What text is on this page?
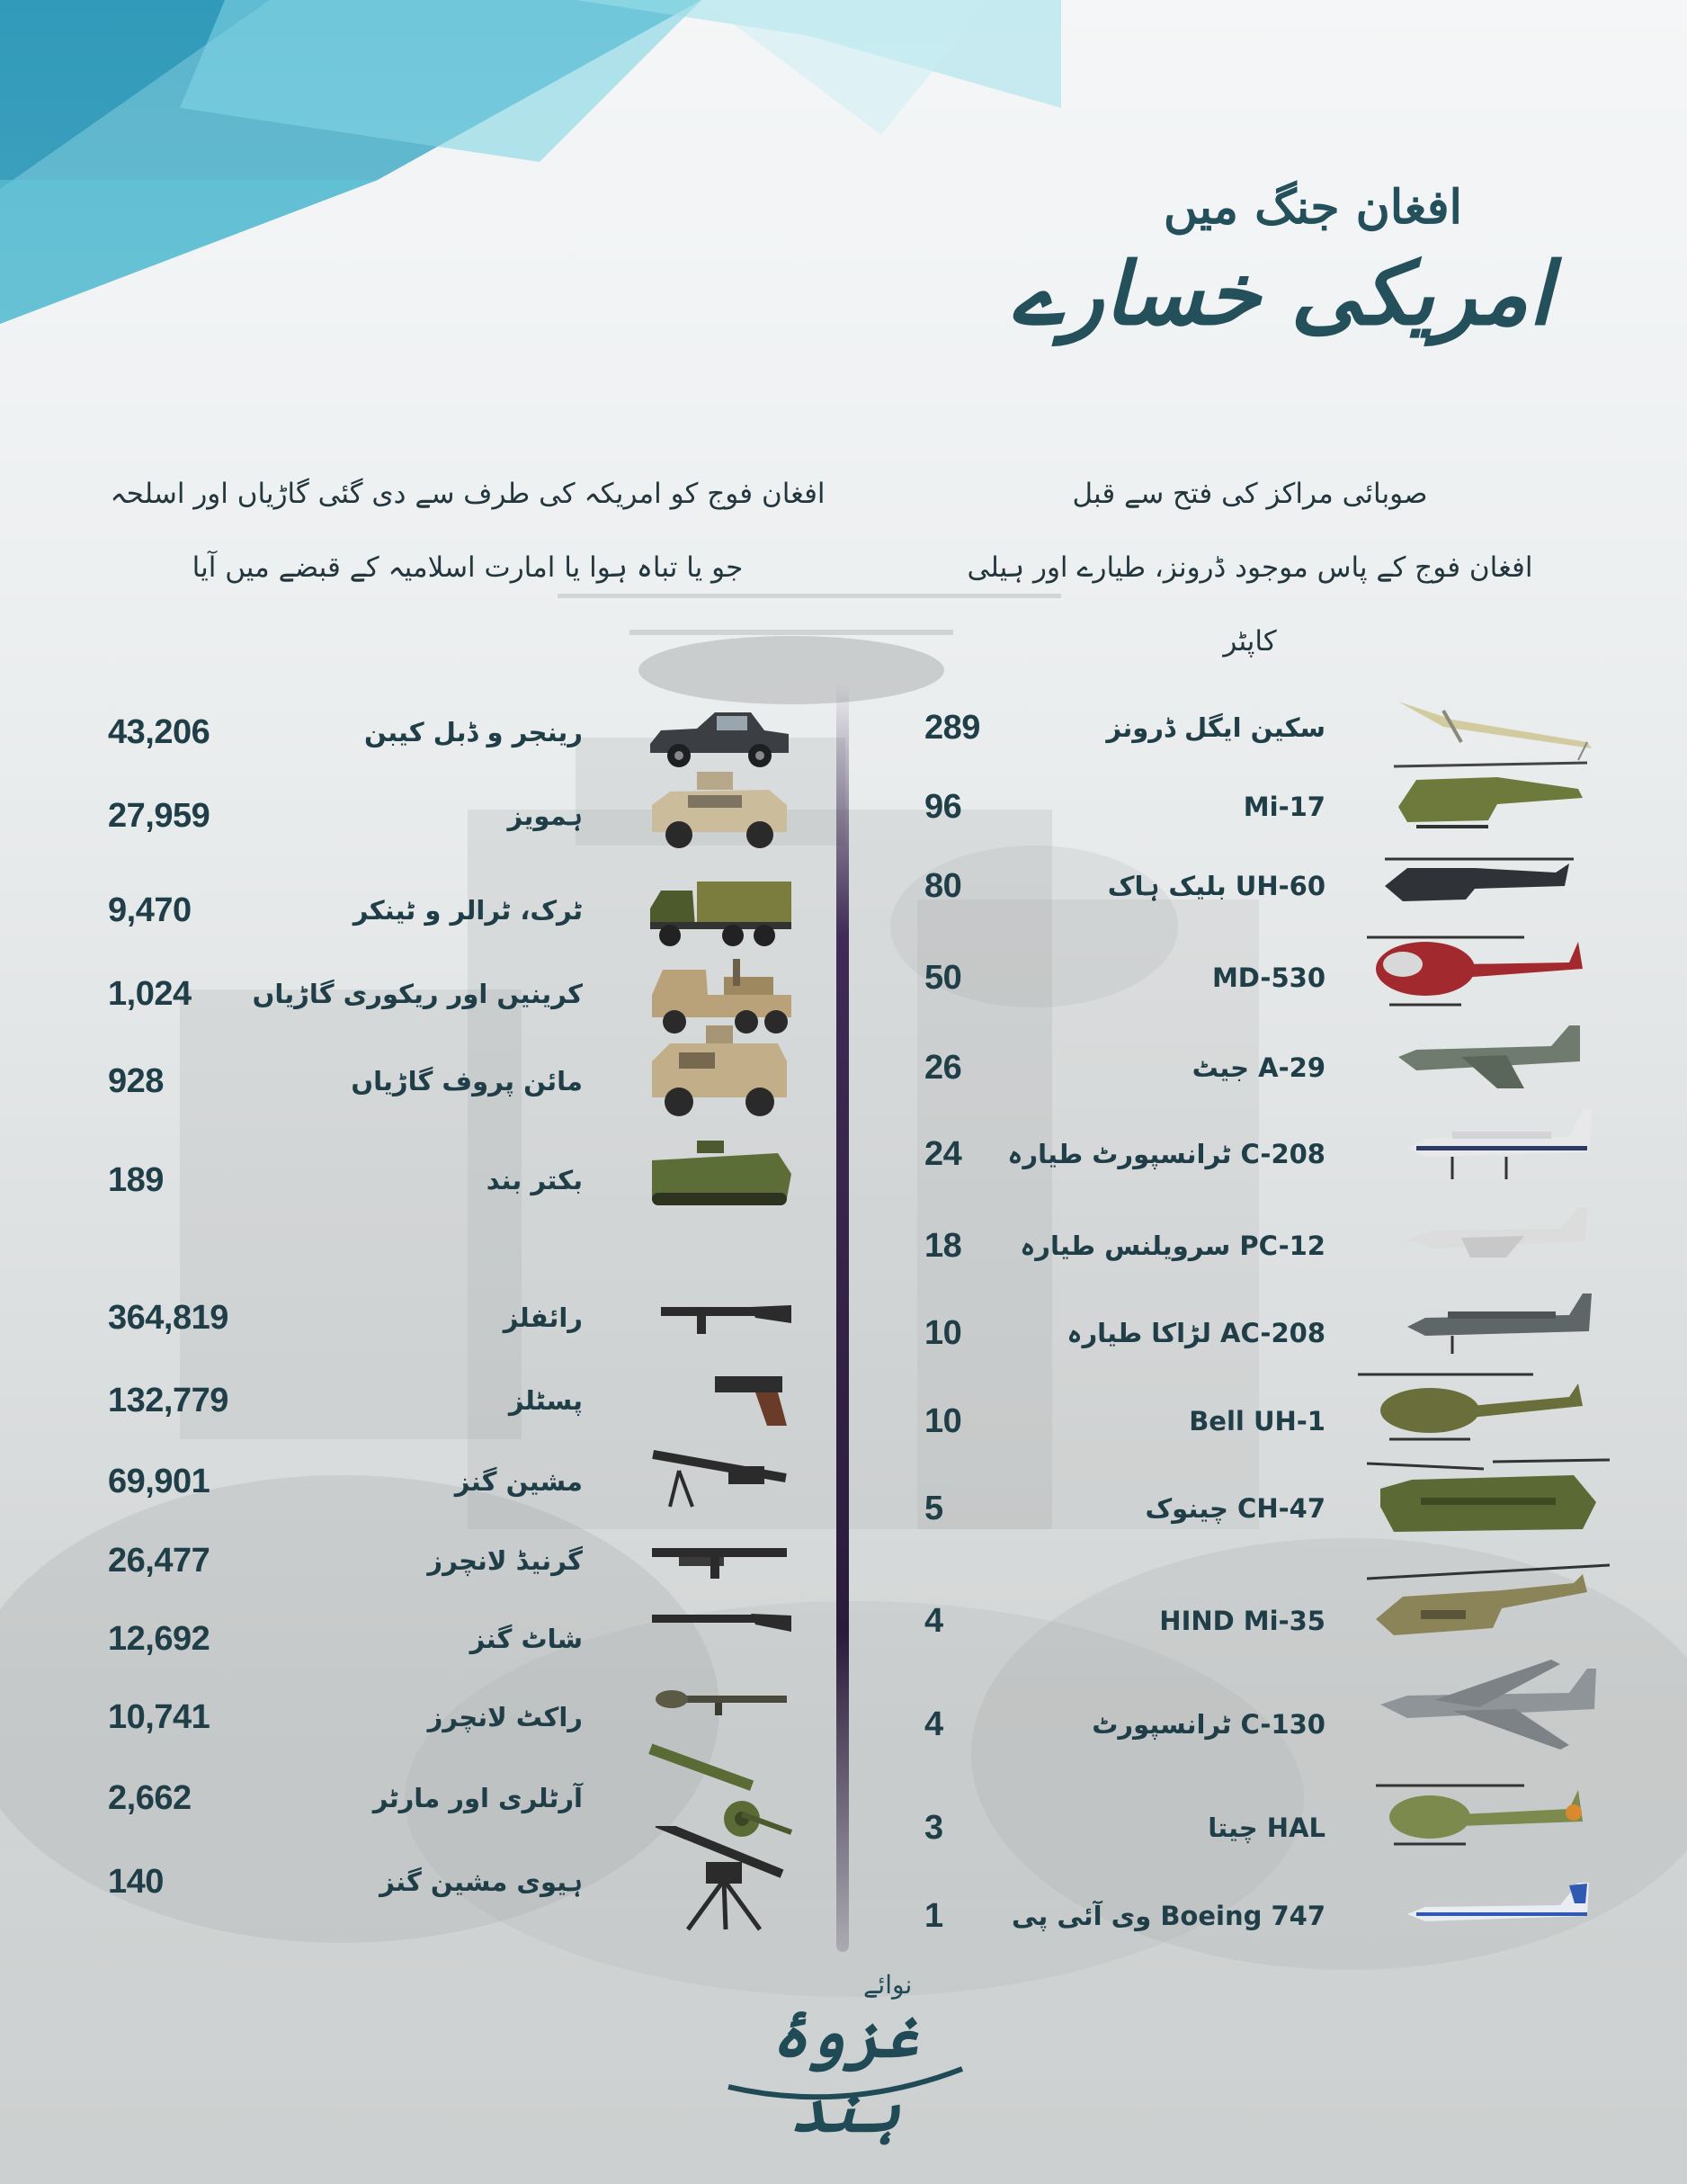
افغان جنگ میں
امریکی خسارے
افغان فوج کو امریکہ کی طرف سے دی گئی گاڑیاں اور اسلحہ
جو یا تباہ ہوا یا امارت اسلامیہ کے قبضے میں آیا
صوبائی مراکز کی فتح سے قبل
افغان فوج کے پاس موجود ڈرونز، طیارے اور ہیلی کاپٹر
43,206	رینجر و ڈبل کیبن
27,959	ہمویز
9,470	ٹرک، ٹرالر و ٹینکر
1,024 کرینیں اور ریکوری گاڑیاں
928	مائن پروف گاڑیاں
189	بکتر بند
364,819	رائفلز
132,779	پسٹلز
69,901	مشین گنز
26,477	گرنیڈ لانچرز
12,692	شاٹ گنز
10,741	راکٹ لانچرز
2,662	آرٹلری اور مارٹر
140	ہیوی مشین گنز
289	سکین ایگل ڈرونز
96	Mi-17
80	UH-60 بلیک ہاک
50	MD-530
26	A-29 جیٹ
24 C-208 ٹرانسپورٹ طیارہ
18 PC-12 سرویلنس طیارہ
10	AC-208 لڑاکا طیارہ
10	Bell UH-1
5	CH-47 چینوک
4	HIND Mi-35
4	C-130 ٹرانسپورٹ
3	HAL چیتا
1	Boeing 747 وی آئی پی
غزوۂ ہند
نوائے
